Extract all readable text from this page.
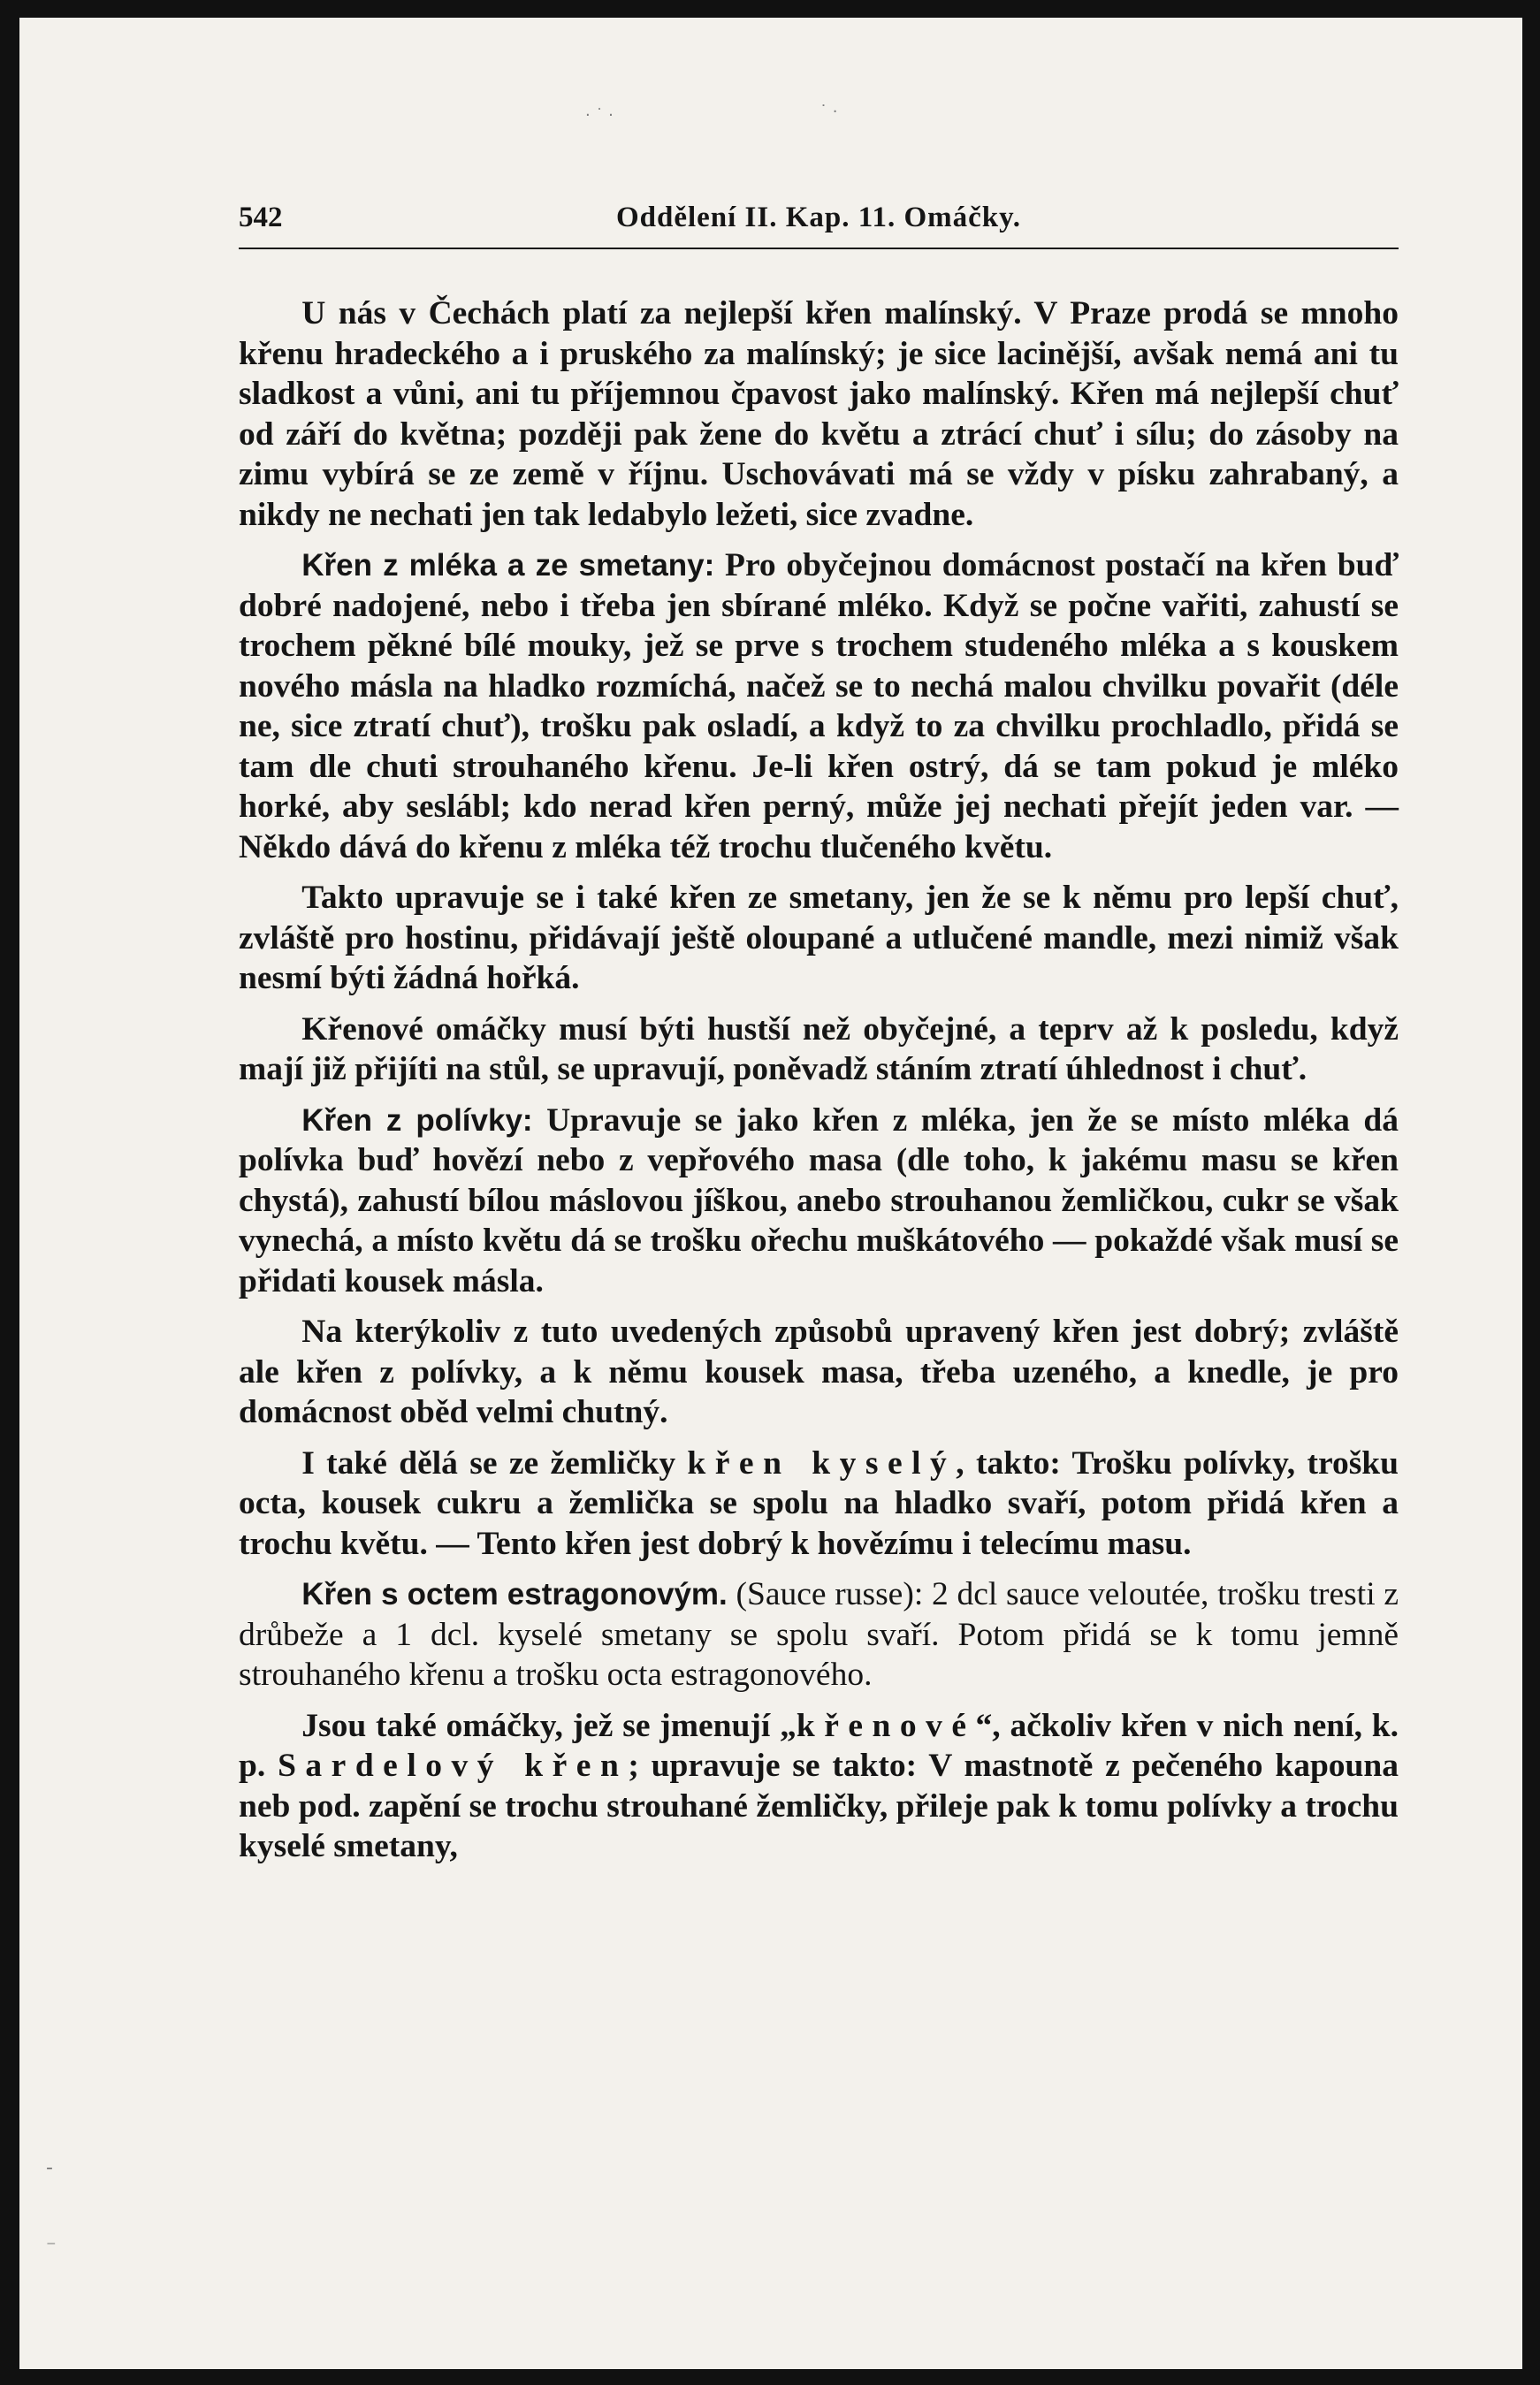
· ˙ ·	˙ ·
-
⁻
542	Oddělení II. Kap. 11. Omáčky.

U nás v Čechách platí za nejlepší křen malínský. V Praze prodá se mnoho křenu hradeckého a i pruského za malínský; je sice lacinější, avšak nemá ani tu sladkost a vůni, ani tu příjemnou čpavost jako malínský. Křen má nejlepší chuť od září do května; později pak žene do květu a ztrácí chuť i sílu; do zásoby na zimu vybírá se ze země v říjnu. Uschovávati má se vždy v písku zahrabaný, a nikdy ne nechati jen tak ledabylo ležeti, sice zvadne.

Křen z mléka a ze smetany: Pro obyčejnou domácnost postačí na křen buď dobré nadojené, nebo i třeba jen sbírané mléko. Když se počne vařiti, zahustí se trochem pěkné bílé mouky, jež se prve s trochem studeného mléka a s kouskem nového másla na hladko rozmíchá, načež se to nechá malou chvilku povařit (déle ne, sice ztratí chuť), trošku pak osladí, a když to za chvilku prochladlo, přidá se tam dle chuti strouhaného křenu. Je-li křen ostrý, dá se tam pokud je mléko horké, aby seslábl; kdo nerad křen perný, může jej nechati přejít jeden var. — Někdo dává do křenu z mléka též trochu tlučeného květu.

Takto upravuje se i také křen ze smetany, jen že se k němu pro lepší chuť, zvláště pro hostinu, přidávají ještě oloupané a utlučené mandle, mezi nimiž však nesmí býti žádná hořká.

Křenové omáčky musí býti hustší než obyčejné, a teprv až k posledu, když mají již přijíti na stůl, se upravují, poněvadž stáním ztratí úhlednost i chuť.

Křen z polívky: Upravuje se jako křen z mléka, jen že se místo mléka dá polívka buď hovězí nebo z vepřového masa (dle toho, k jakému masu se křen chystá), zahustí bílou máslovou jíškou, anebo strouhanou žemličkou, cukr se však vynechá, a místo květu dá se trošku ořechu muškátového — pokaždé však musí se přidati kousek másla.

Na kterýkoliv z tuto uvedených způsobů upravený křen jest dobrý; zvláště ale křen z polívky, a k němu kousek masa, třeba uzeného, a knedle, je pro domácnost oběd velmi chutný.

I také dělá se ze žemličky křen kyselý, takto: Trošku polívky, trošku octa, kousek cukru a žemlička se spolu na hladko svaří, potom přidá křen a trochu květu. — Tento křen jest dobrý k hovězímu i telecímu masu.

Křen s octem estragonovým. (Sauce russe): 2 dcl sauce veloutée, trošku tresti z drůbeže a 1 dcl. kyselé smetany se spolu svaří. Potom přidá se k tomu jemně strouhaného křenu a trošku octa estragonového.

Jsou také omáčky, jež se jmenují „křenové“, ačkoliv křen v nich není, k. p. Sardelový křen; upravuje se takto: V mastnotě z pečeného kapouna neb pod. zapění se trochu strouhané žemličky, přileje pak k tomu polívky a trochu kyselé smetany,
